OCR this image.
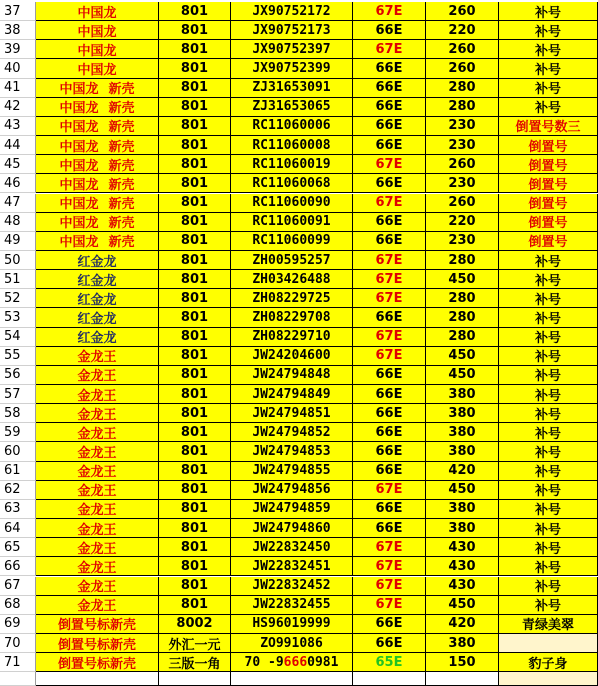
37	中国龙	801	JX90752172	67E	260	补号
38	中国龙	801	JX90752173	66E	220	补号
39	中国龙	801	JX90752397	67E	260	补号
40	中国龙	801	JX90752399	66E	260	补号
41	中国龙 新壳	801	ZJ31653091	66E	280	补号
42	中国龙 新壳	801	ZJ31653065	66E	280	补号
43	中国龙 新壳	801	RC11060006	66E	230	倒置号数三
44	中国龙 新壳	801	RC11060008	66E	230	倒置号
45	中国龙 新壳	801	RC11060019	67E	260	倒置号
46	中国龙 新壳	801	RC11060068	66E	230	倒置号
47	中国龙 新壳	801	RC11060090	67E	260	倒置号
48	中国龙 新壳	801	RC11060091	66E	220	倒置号
49	中国龙 新壳	801	RC11060099	66E	230	倒置号
50	红金龙	801	ZH00595257	67E	280	补号
51	红金龙	801	ZH03426488	67E	450	补号
52	红金龙	801	ZH08229725	67E	280	补号
53	红金龙	801	ZH08229708	66E	280	补号
54	红金龙	801	ZH08229710	67E	280	补号
55	金龙王	801	JW24204600	67E	450	补号
56	金龙王	801	JW24794848	66E	450	补号
57	金龙王	801	JW24794849	66E	380	补号
58	金龙王	801	JW24794851	66E	380	补号
59	金龙王	801	JW24794852	66E	380	补号
60	金龙王	801	JW24794853	66E	380	补号
61	金龙王	801	JW24794855	66E	420	补号
62	金龙王	801	JW24794856	67E	450	补号
63	金龙王	801	JW24794859	66E	380	补号
64	金龙王	801	JW24794860	66E	380	补号
65	金龙王	801	JW22832450	67E	430	补号
66	金龙王	801	JW22832451	67E	430	补号
67	金龙王	801	JW22832452	67E	430	补号
68	金龙王	801	JW22832455	67E	450	补号
69	倒置号标新壳	8002	HS96019999	66E	420	青绿美翠
70	倒置号标新壳	外汇一元	ZO991086	66E	380
71	倒置号标新壳	三版一角	70 - 96660981	65E	150	豹子身
72
